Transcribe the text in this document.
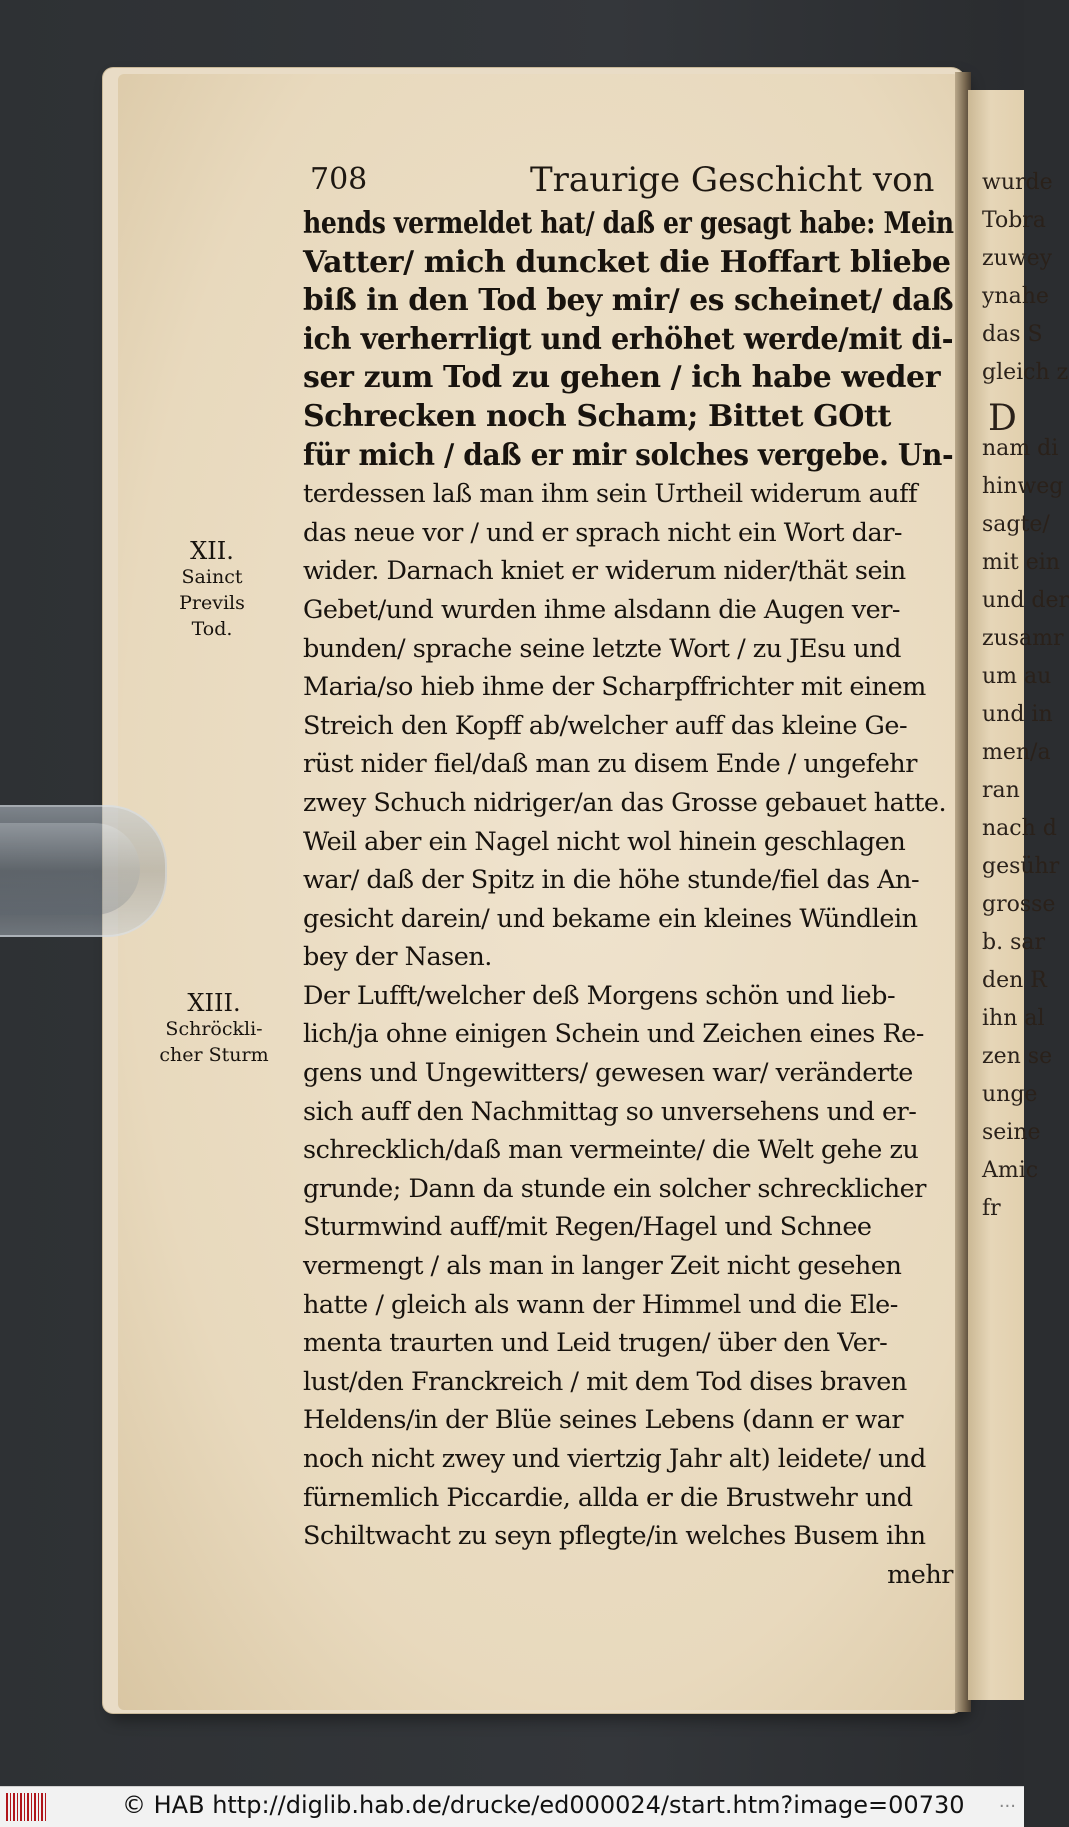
wurde
Tobra
zuwey
ynahe
das S
gleich z
D
nam di
hinweg
sagte/
mit ein
und der
zusamr
um au
und in
men/a
ran
nach d
gesühr
grosse
b. sar
den R
ihn al
zen se
unge
seine
Amic
fr
708	Traurige Geschicht von
hends vermeldet hat/ daß er gesagt habe: Mein
Vatter/ mich duncket die Hoffart bliebe
biß in den Tod bey mir/ es scheinet/ daß
ich verherrligt und erhöhet werde/mit di-
ser zum Tod zu gehen / ich habe weder
Schrecken noch Scham; Bittet GOtt
für mich / daß er mir solches vergebe. Un-
terdessen laß man ihm sein Urtheil widerum auff
das neue vor / und er sprach nicht ein Wort dar-
wider. Darnach kniet er widerum nider/thät sein
Gebet/und wurden ihme alsdann die Augen ver-
bunden/ sprache seine letzte Wort / zu JEsu und
Maria/so hieb ihme der Scharpffrichter mit einem
Streich den Kopff ab/welcher auff das kleine Ge-
rüst nider fiel/daß man zu disem Ende / ungefehr
zwey Schuch nidriger/an das Grosse gebauet hatte.
Weil aber ein Nagel nicht wol hinein geschlagen
war/ daß der Spitz in die höhe stunde/fiel das An-
gesicht darein/ und bekame ein kleines Wündlein
bey der Nasen.
Der Lufft/welcher deß Morgens schön und lieb-
lich/ja ohne einigen Schein und Zeichen eines Re-
gens und Ungewitters/ gewesen war/ veränderte
sich auff den Nachmittag so unversehens und er-
schrecklich/daß man vermeinte/ die Welt gehe zu
grunde; Dann da stunde ein solcher schrecklicher
Sturmwind auff/mit Regen/Hagel und Schnee
vermengt / als man in langer Zeit nicht gesehen
hatte / gleich als wann der Himmel und die Ele-
menta traurten und Leid trugen/ über den Ver-
lust/den Franckreich / mit dem Tod dises braven
Heldens/in der Blüe seines Lebens (dann er war
noch nicht zwey und viertzig Jahr alt) leidete/ und
fürnemlich Piccardie, allda er die Brustwehr und
Schiltwacht zu seyn pflegte/in welches Busem ihn
mehr
XII.
Sainct
Previls
Tod.
XIII.
Schröckli-
cher Sturm
© HAB http://diglib.hab.de/drucke/ed000024/start.htm?image=00730 ...
